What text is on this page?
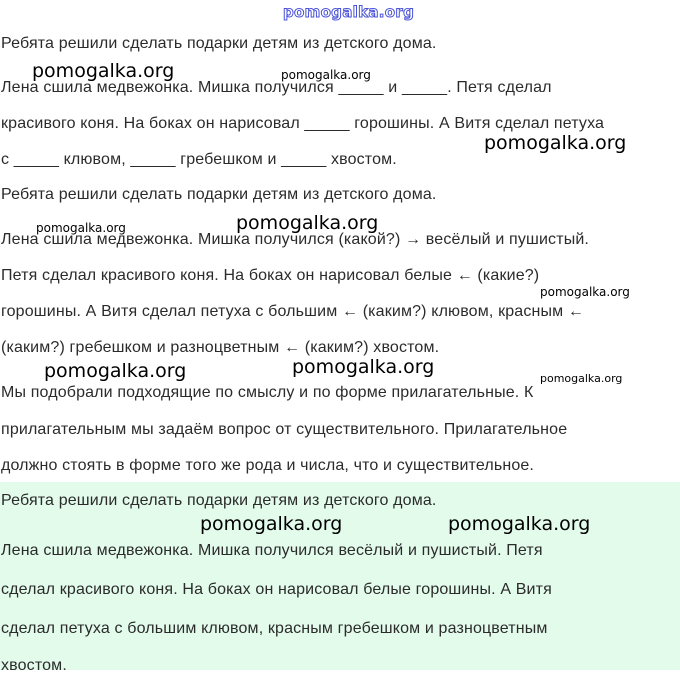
Ребята решили сделать подарки детям из детского дома.
Лена сшила медвежонка. Мишка получился _____ и _____. Петя сделал
красивого коня. На боках он нарисовал _____ горошины. А Витя сделал петуха
с _____ клювом, _____ гребешком и _____ хвостом.
Ребята решили сделать подарки детям из детского дома.
Лена сшила медвежонка. Мишка получился (какой?) → весёлый и пушистый.
Петя сделал красивого коня. На боках он нарисовал белые ← (какие?)
горошины. А Витя сделал петуха с большим ← (каким?) клювом, красным ←
(каким?) гребешком и разноцветным ← (каким?) хвостом.
Мы подобрали подходящие по смыслу и по форме прилагательные. К
прилагательным мы задаём вопрос от существительного. Прилагательное
должно стоять в форме того же рода и числа, что и существительное.
Ребята решили сделать подарки детям из детского дома.
Лена сшила медвежонка. Мишка получился весёлый и пушистый. Петя
сделал красивого коня. На боках он нарисовал белые горошины. А Витя
сделал петуха с большим клювом, красным гребешком и разноцветным
хвостом.
pomogalka.org
pomogalka.org	pomogalka.org
pomogalka.org
pomogalka.org	pomogalka.org
pomogalka.org
pomogalka.org	pomogalka.org
pomogalka.org
pomogalka.org	pomogalka.org
